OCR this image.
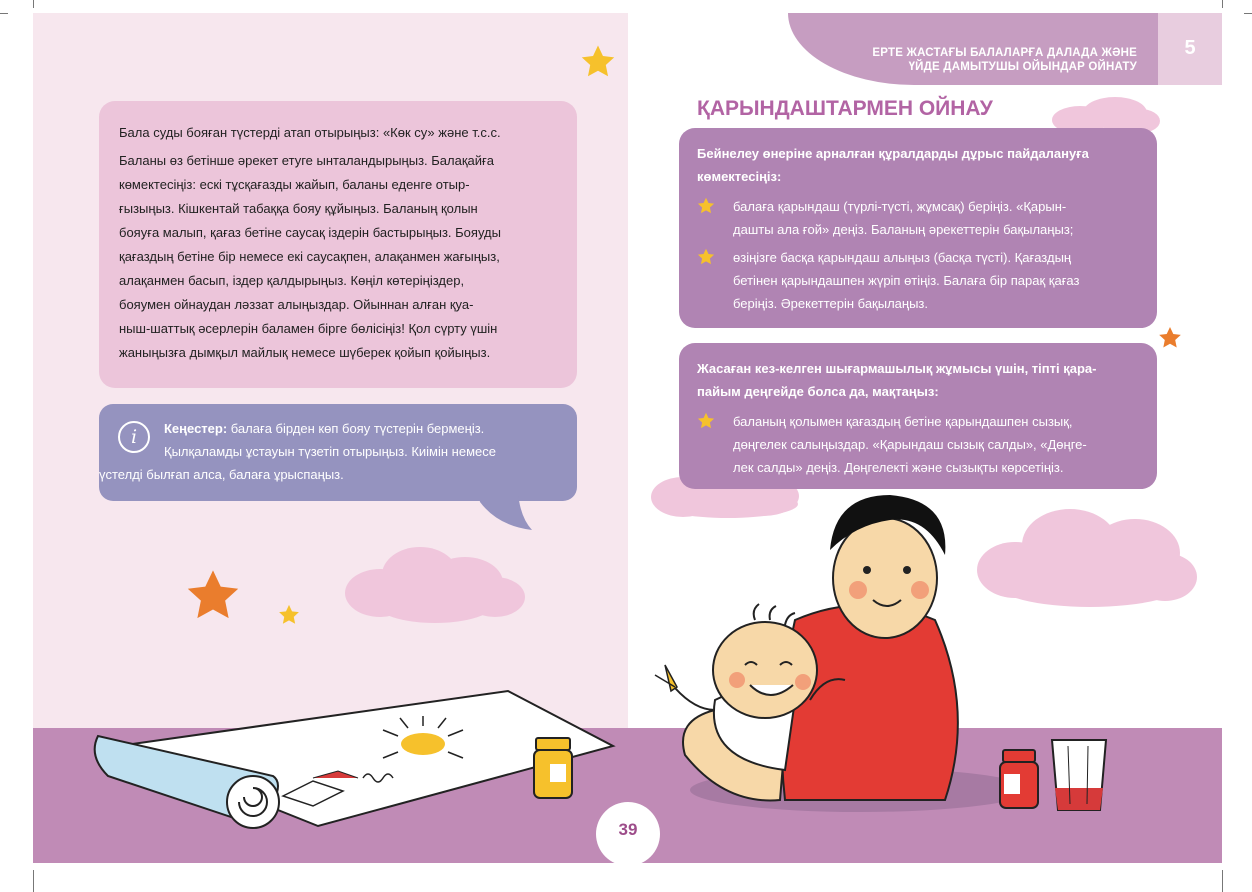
ЕРТЕ ЖАСТАҒЫ БАЛАЛАРҒА ДАЛАДА ЖӘНЕ
ҮЙДЕ ДАМЫТУШЫ ОЙЫНДАР ОЙНАТУ
5

Бала суды бояған түстерді атап отырыңыз: «Көк су» және т.с.с.

Баланы өз бетінше әрекет етуге ынталандырыңыз. Балақайға
көмектесіңіз: ескі тұсқағазды жайып, баланы еденге отыр-
ғызыңыз. Кішкентай табаққа бояу құйыңыз. Баланың қолын
бояуға малып, қағаз бетіне саусақ іздерін бастырыңыз. Бояуды
қағаздың бетіне бір немесе екі саусақпен, алақанмен жағыңыз,
алақанмен басып, іздер қалдырыңыз. Көңіл көтеріңіздер,
бояумен ойнаудан ләззат алыңыздар. Ойыннан алған қуа-
ныш-шаттық әсерлерін баламен бірге бөлісіңіз! Қол сүрту үшін
жаныңызға дымқыл майлық немесе шүберек қойып қойыңыз.
i	Кеңестер: балаға бірден көп бояу түстерін бермеңіз.
Қылқаламды ұстауын түзетіп отырыңыз. Киімін немесе
үстелді былғап алса, балаға ұрыспаңыз.
ҚАРЫНДАШТАРМЕН ОЙНАУ
Бейнелеу өнеріне арналған құралдарды дұрыс пайдалануға
көмектесіңіз:
балаға қарындаш (түрлі-түсті, жұмсақ) беріңіз. «Қарын-
дашты ала ғой» деңіз. Баланың әрекеттерін бақылаңыз;
өзіңізге басқа қарындаш алыңыз (басқа түсті). Қағаздың
бетінен қарындашпен жүріп өтіңіз. Балаға бір парақ қағаз
беріңіз. Әрекеттерін бақылаңыз.
Жасаған кез-келген шығармашылық жұмысы үшін, тіпті қара-
пайым деңгейде болса да, мақтаңыз:
баланың қолымен қағаздың бетіне қарындашпен сызық,
дөңгелек салыңыздар. «Қарындаш сызық салды», «Дөңге-
лек салды» деңіз. Дөңгелекті және сызықты көрсетіңіз.
39
